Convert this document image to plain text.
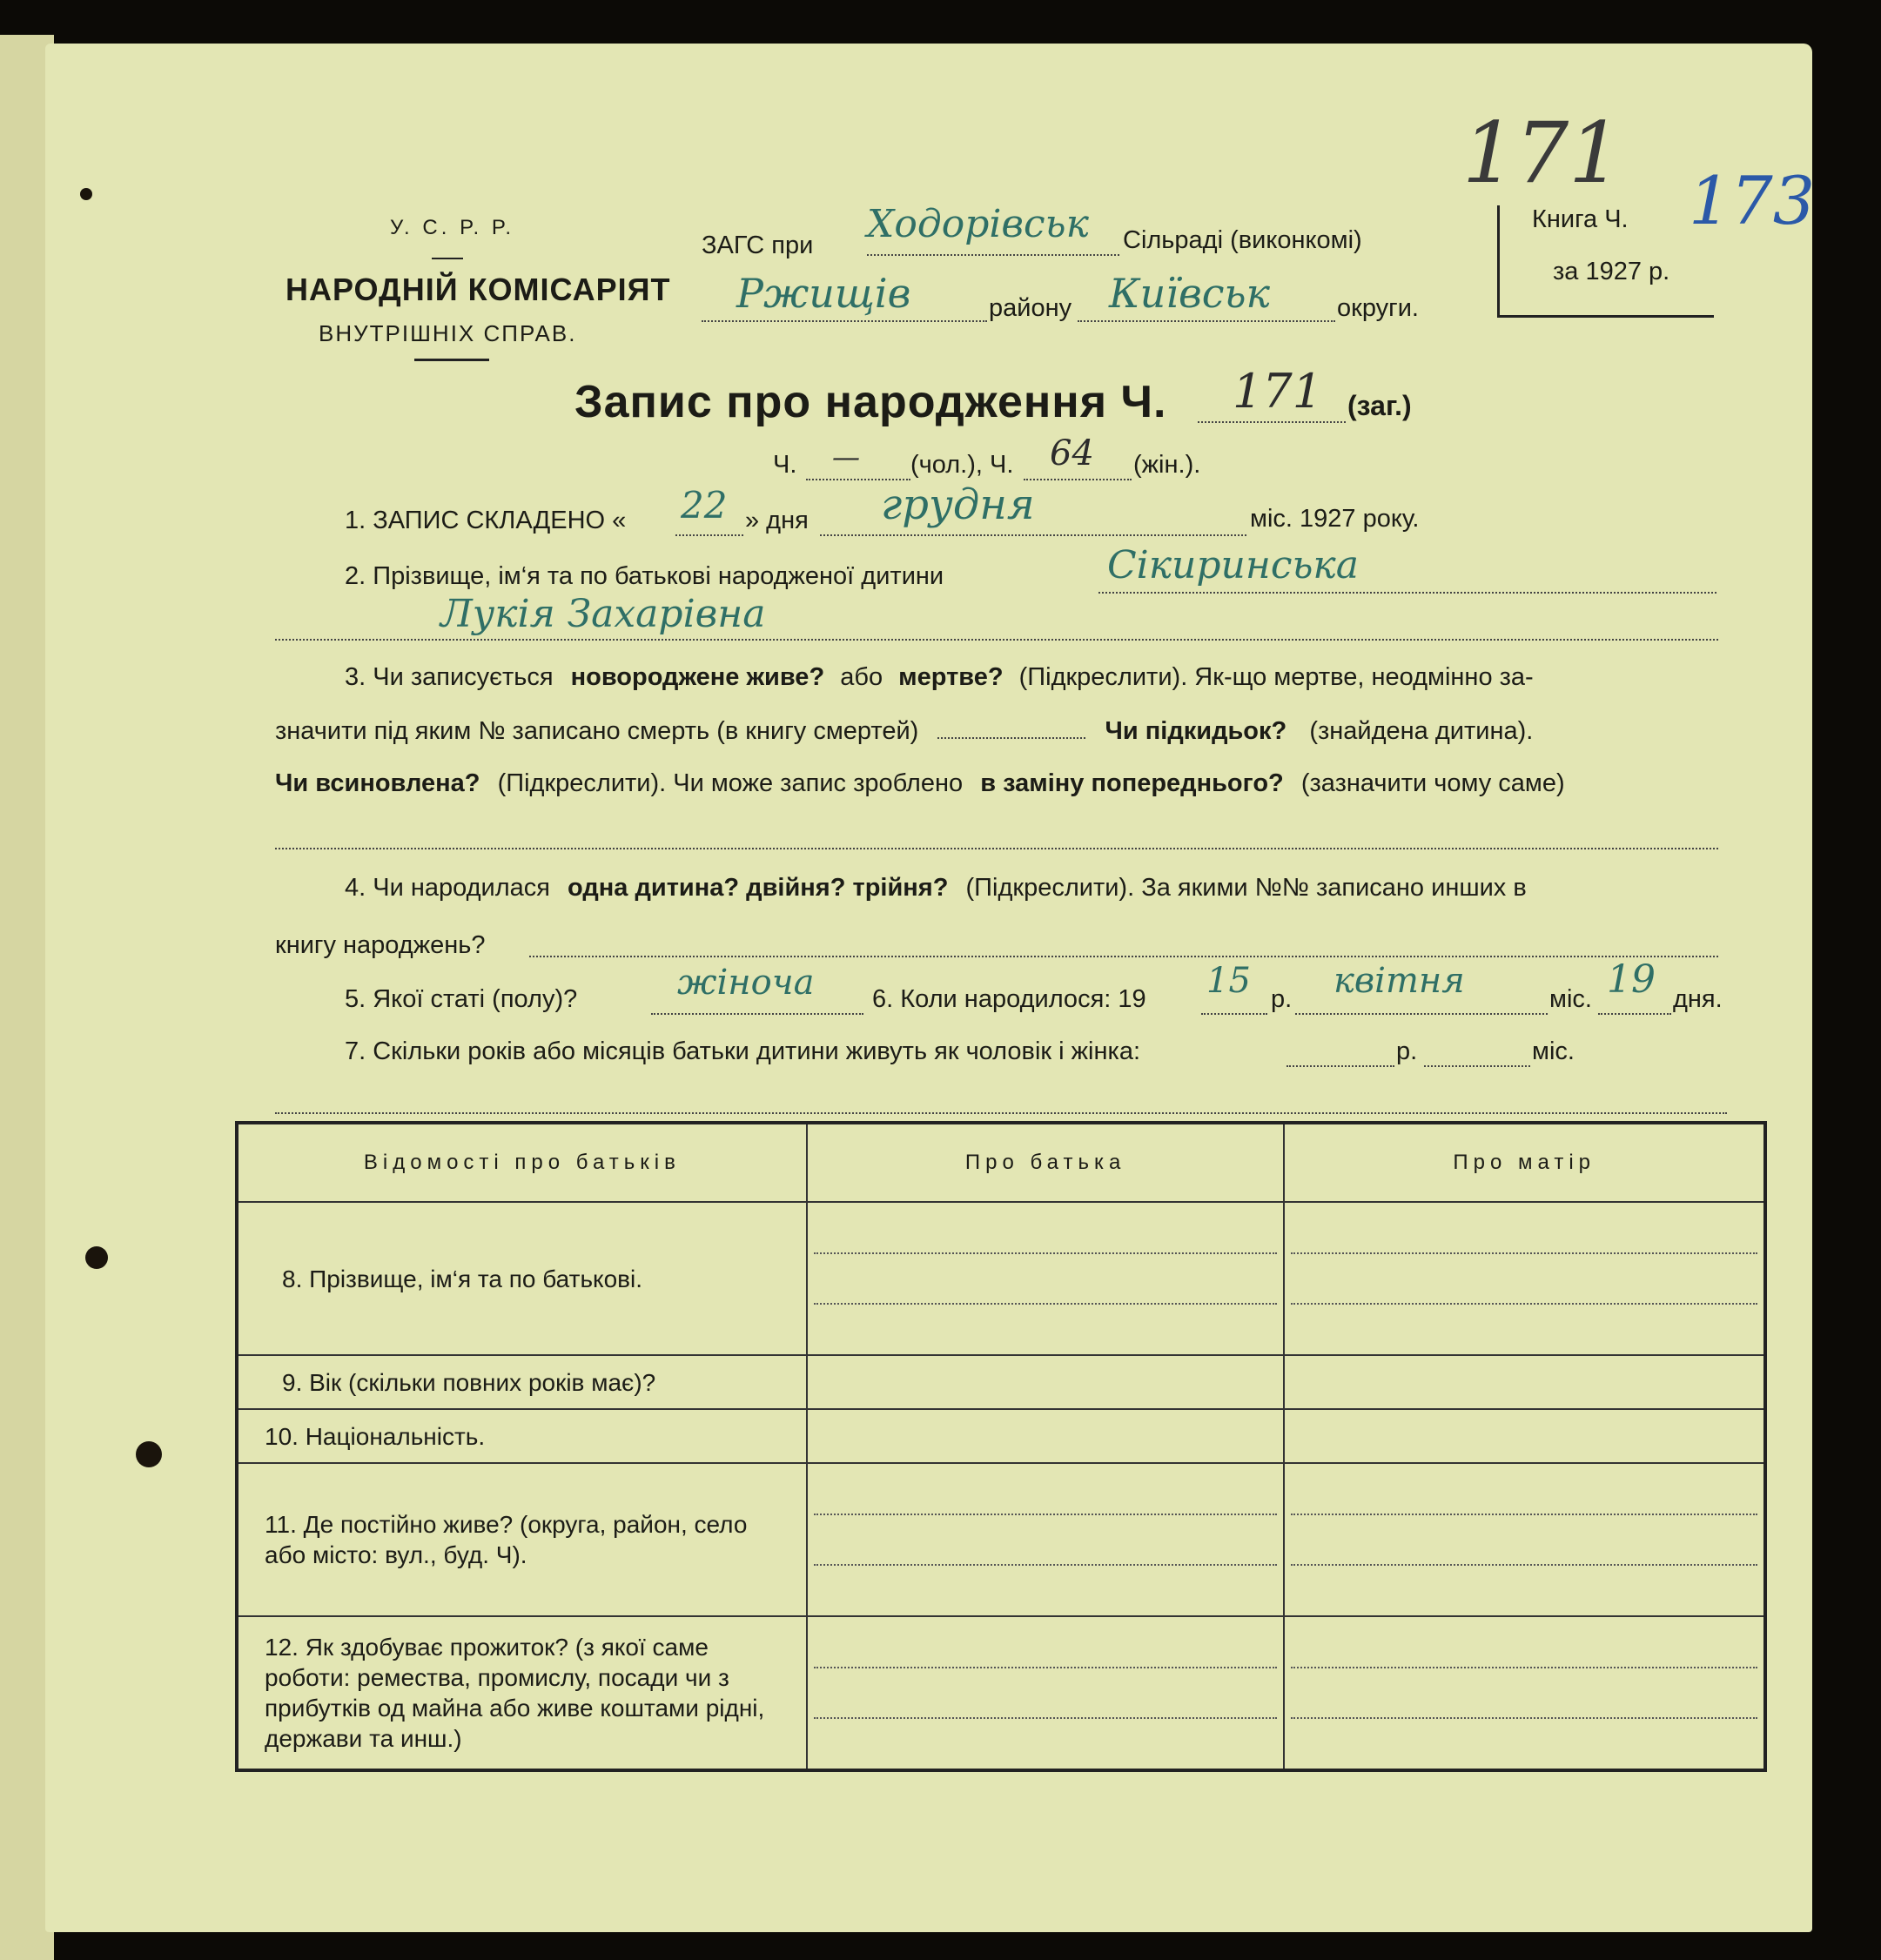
171
У. С. Р. Р.
НАРОДНІЙ КОМІСАРІЯТ
ВНУТРІШНІХ СПРАВ.
ЗАГС при Ходорівськ	Сільраді (виконкомі)
Ржищів	району Київськ	округи.
Книга Ч. 173
за 1927 р.
Запис про народження Ч.	171 (заг.)
Ч.	—	(чол.), Ч.	64	(жін.).
1. ЗАПИС СКЛАДЕНО « 22 » дня	грудня	міс. 1927 року.
2. Прізвище, ім‘я та по батькові народженої дитини	Сікиринська
Лукія Захарівна
3. Чи записується новороджене живе? або мертве? (Підкреслити). Як-що мертве, неодмінно за-
значити під яким № записано смерть (в книгу смертей)	Чи підкидьок? (знайдена дитина).
Чи всиновлена? (Підкреслити). Чи може запис зроблено в заміну попереднього? (зазначити чому саме)
4. Чи народилася одна дитина? двійня? трійня? (Підкреслити). За якими №№ записано инших в
книгу народжень?
5. Якої статі (полу)?	жіноча	6. Коли народилося: 19 15 р.	квітня	міс. 19 дня.
7. Скільки років або місяців батьки дитини живуть як чоловік і жінка:	р.	міс.
Відомості про батьків	Про батька	Про матір
8. Прізвище, ім‘я та по батькові.	

9. Вік (скільки повних років має)?		
10. Національність.		
11. Де постійно живе? (округа, район, село або місто: вул., буд. Ч).	

12. Як здобуває прожиток? (з якої саме роботи: ремества, промислу, посади чи з прибутків од майна або живе коштами рідні, держави та инш.)	
